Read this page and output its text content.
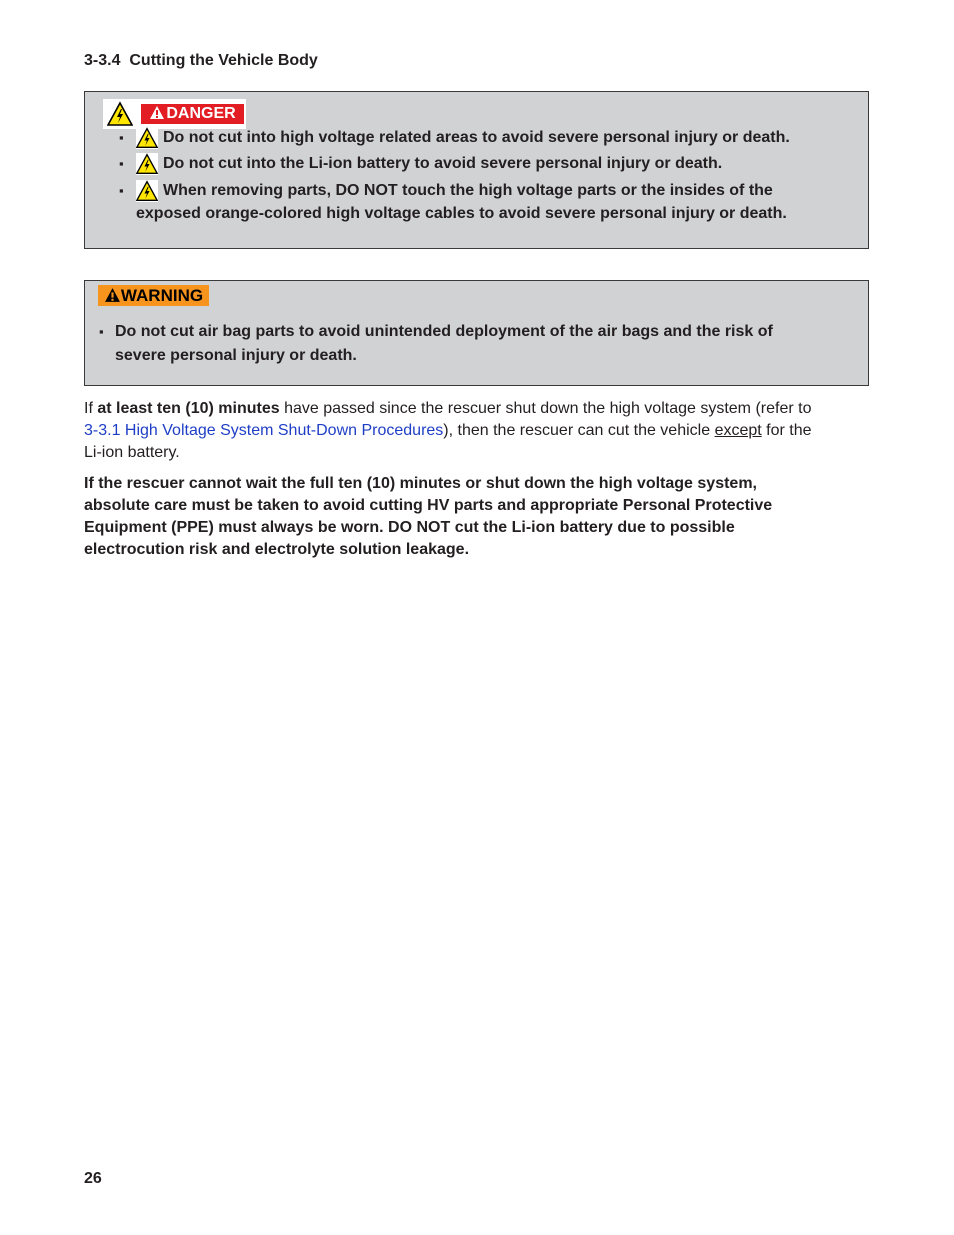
3-3.4 Cutting the Vehicle Body
DANGER
▪ Do not cut into high voltage related areas to avoid severe personal injury or death.
▪ Do not cut into the Li-ion battery to avoid severe personal injury or death.
▪ When removing parts, DO NOT touch the high voltage parts or the insides of the
exposed orange-colored high voltage cables to avoid severe personal injury or death.
WARNING
▪ Do not cut air bag parts to avoid unintended deployment of the air bags and the risk of
severe personal injury or death.
If at least ten (10) minutes have passed since the rescuer shut down the high voltage system (refer to
3-3.1 High Voltage System Shut-Down Procedures), then the rescuer can cut the vehicle except for the
Li-ion battery.
If the rescuer cannot wait the full ten (10) minutes or shut down the high voltage system,
absolute care must be taken to avoid cutting HV parts and appropriate Personal Protective
Equipment (PPE) must always be worn. DO NOT cut the Li-ion battery due to possible
electrocution risk and electrolyte solution leakage.
26
